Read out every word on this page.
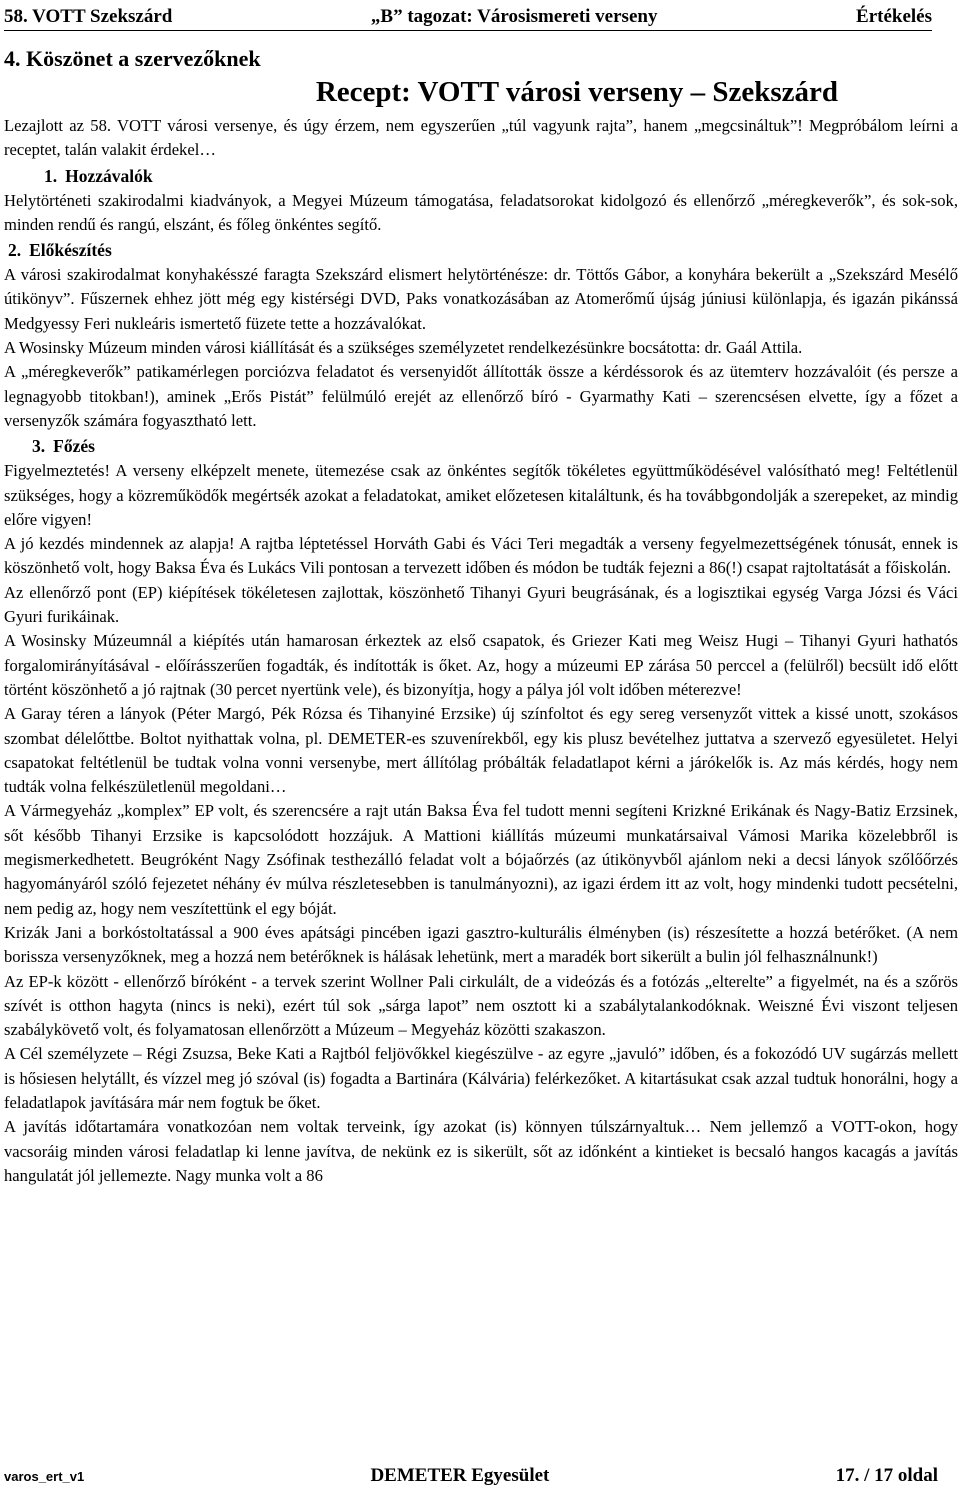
58. VOTT Szekszárd	„B” tagozat: Városismereti verseny	Értékelés
4. Köszönet a szervezőknek
Recept: VOTT városi verseny – Szekszárd

Lezajlott az 58. VOTT városi versenye, és úgy érzem, nem egyszerűen „túl vagyunk rajta”, hanem „megcsináltuk”! Megpróbálom leírni a receptet, talán valakit érdekel…

1. Hozzávalók

Helytörténeti szakirodalmi kiadványok, a Megyei Múzeum támogatása, feladatsorokat kidolgozó és ellenőrző „méregkeverők”, és sok-sok, minden rendű és rangú, elszánt, és főleg önkéntes segítő.

2. Előkészítés

A városi szakirodalmat konyhakésszé faragta Szekszárd elismert helytörténésze: dr. Töttős Gábor, a konyhára bekerült a „Szekszárd Mesélő útikönyv”. Fűszernek ehhez jött még egy kistérségi DVD, Paks vonatkozásában az Atomerőmű újság júniusi különlapja, és igazán pikánssá Medgyessy Feri nukleáris ismertető füzete tette a hozzávalókat.

A Wosinsky Múzeum minden városi kiállítását és a szükséges személyzetet rendelkezésünkre bocsátotta: dr. Gaál Attila.

A „méregkeverők” patikamérlegen porciózva feladatot és versenyidőt állították össze a kérdéssorok és az ütemterv hozzávalóit (és persze a legnagyobb titokban!), aminek „Erős Pistát” felülmúló erejét az ellenőrző bíró - Gyarmathy Kati – szerencsésen elvette, így a főzet a versenyzők számára fogyasztható lett.

3. Főzés

Figyelmeztetés! A verseny elképzelt menete, ütemezése csak az önkéntes segítők tökéletes együttműködésével valósítható meg! Feltétlenül szükséges, hogy a közreműködők megértsék azokat a feladatokat, amiket előzetesen kitaláltunk, és ha továbbgondolják a szerepeket, az mindig előre vigyen!

A jó kezdés mindennek az alapja! A rajtba léptetéssel Horváth Gabi és Váci Teri megadták a verseny fegyelmezettségének tónusát, ennek is köszönhető volt, hogy Baksa Éva és Lukács Vili pontosan a tervezett időben és módon be tudták fejezni a 86(!) csapat rajtoltatását a főiskolán.

Az ellenőrző pont (EP) kiépítések tökéletesen zajlottak, köszönhető Tihanyi Gyuri beugrásának, és a logisztikai egység Varga Józsi és Váci Gyuri furikáinak.

A Wosinsky Múzeumnál a kiépítés után hamarosan érkeztek az első csapatok, és Griezer Kati meg Weisz Hugi – Tihanyi Gyuri hathatós forgalomirányításával - előírásszerűen fogadták, és indították is őket. Az, hogy a múzeumi EP zárása 50 perccel a (felülről) becsült idő előtt történt köszönhető a jó rajtnak (30 percet nyertünk vele), és bizonyítja, hogy a pálya jól volt időben méterezve!

A Garay téren a lányok (Péter Margó, Pék Rózsa és Tihanyiné Erzsike) új színfoltot és egy sereg versenyzőt vittek a kissé unott, szokásos szombat délelőttbe. Boltot nyithattak volna, pl. DEMETER-es szuvenírekből, egy kis plusz bevételhez juttatva a szervező egyesületet. Helyi csapatokat feltétlenül be tudtak volna vonni versenybe, mert állítólag próbálták feladatlapot kérni a járókelők is. Az más kérdés, hogy nem tudták volna felkészületlenül megoldani…

A Vármegyeház „komplex” EP volt, és szerencsére a rajt után Baksa Éva fel tudott menni segíteni Krizkné Erikának és Nagy-Batiz Erzsinek, sőt később Tihanyi Erzsike is kapcsolódott hozzájuk. A Mattioni kiállítás múzeumi munkatársaival Vámosi Marika közelebbről is megismerkedhetett. Beugróként Nagy Zsófinak testhezálló feladat volt a bójaőrzés (az útikönyvből ajánlom neki a decsi lányok szőlőőrzés hagyományáról szóló fejezetet néhány év múlva részletesebben is tanulmányozni), az igazi érdem itt az volt, hogy mindenki tudott pecsételni, nem pedig az, hogy nem veszítettünk el egy bóját.

Krizák Jani a borkóstoltatással a 900 éves apátsági pincében igazi gasztro-kulturális élményben (is) részesítette a hozzá betérőket. (A nem borissza versenyzőknek, meg a hozzá nem betérőknek is hálásak lehetünk, mert a maradék bort sikerült a bulin jól felhasználnunk!)

Az EP-k között - ellenőrző bíróként - a tervek szerint Wollner Pali cirkulált, de a videózás és a fotózás „elterelte” a figyelmét, na és a szőrös szívét is otthon hagyta (nincs is neki), ezért túl sok „sárga lapot” nem osztott ki a szabálytalankodóknak. Weiszné Évi viszont teljesen szabálykövető volt, és folyamatosan ellenőrzött a Múzeum – Megyeház közötti szakaszon.

A Cél személyzete – Régi Zsuzsa, Beke Kati a Rajtból feljövőkkel kiegészülve - az egyre „javuló” időben, és a fokozódó UV sugárzás mellett is hősiesen helytállt, és vízzel meg jó szóval (is) fogadta a Bartinára (Kálvária) felérkezőket. A kitartásukat csak azzal tudtuk honorálni, hogy a feladatlapok javítására már nem fogtuk be őket.

A javítás időtartamára vonatkozóan nem voltak terveink, így azokat (is) könnyen túlszárnyaltuk… Nem jellemző a VOTT-okon, hogy vacsoráig minden városi feladatlap ki lenne javítva, de nekünk ez is sikerült, sőt az időnként a kintieket is becsaló hangos kacagás a javítás hangulatát jól jellemezte. Nagy munka volt a 86

varos_ert_v1	DEMETER Egyesület	17. / 17 oldal
